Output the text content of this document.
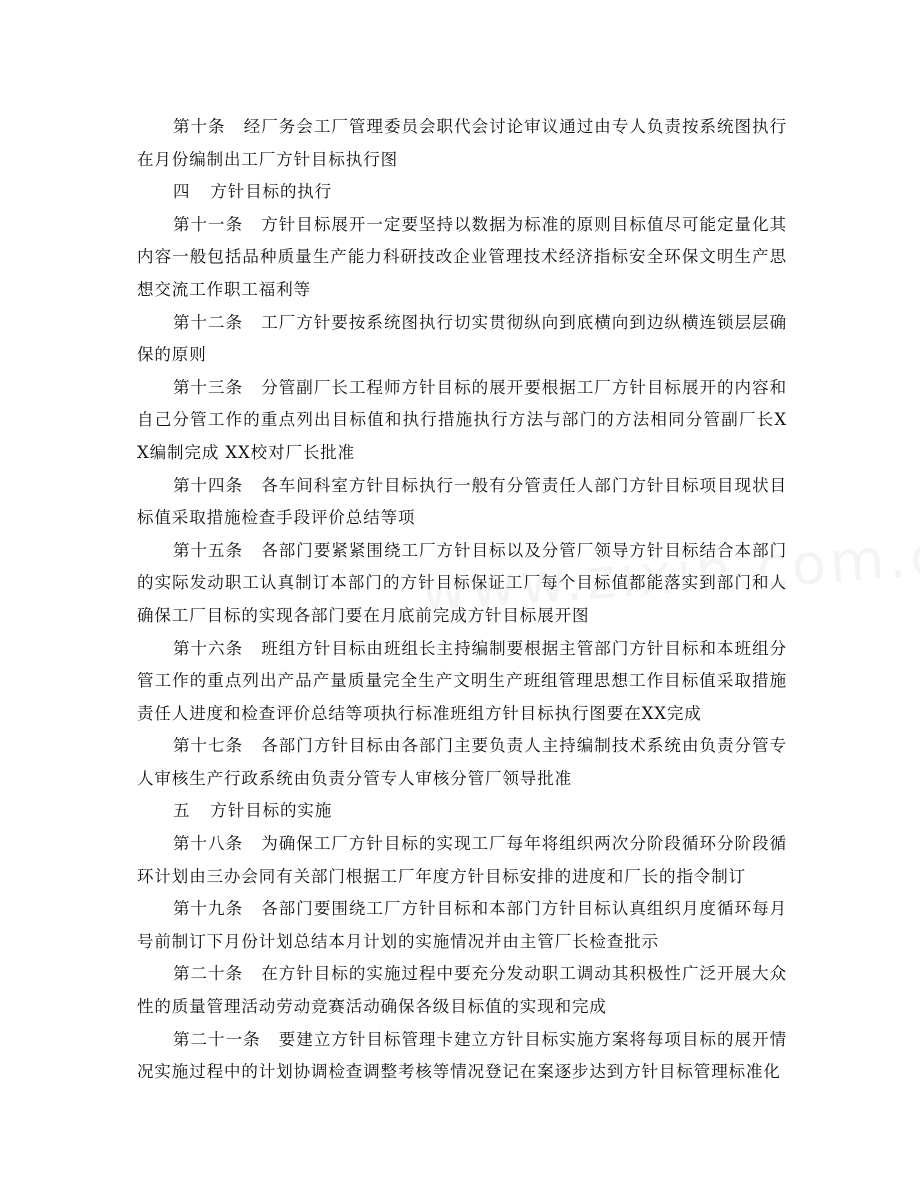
第十条 经厂务会工厂管理委员会职代会讨论审议通过由专人负责按系统图执行在月份编制出工厂方针目标执行图

四 方针目标的执行

第十一条 方针目标展开一定要坚持以数据为标准的原则目标值尽可能定量化其内容一般包括品种质量生产能力科研技改企业管理技术经济指标安全环保文明生产思想交流工作职工福利等

第十二条 工厂方针要按系统图执行切实贯彻纵向到底横向到边纵横连锁层层确保的原则

第十三条 分管副厂长工程师方针目标的展开要根据工厂方针目标展开的内容和自己分管工作的重点列出目标值和执行措施执行方法与部门的方法相同分管副厂长XX编制完成 XX校对厂长批准

第十四条 各车间科室方针目标执行一般有分管责任人部门方针目标项目现状目标值采取措施检查手段评价总结等项

第十五条 各部门要紧紧围绕工厂方针目标以及分管厂领导方针目标结合本部门的实际发动职工认真制订本部门的方针目标保证工厂每个目标值都能落实到部门和人确保工厂目标的实现各部门要在月底前完成方针目标展开图

第十六条 班组方针目标由班组长主持编制要根据主管部门方针目标和本班组分管工作的重点列出产品产量质量完全生产文明生产班组管理思想工作目标值采取措施责任人进度和检查评价总结等项执行标准班组方针目标执行图要在XX完成

第十七条 各部门方针目标由各部门主要负责人主持编制技术系统由负责分管专人审核生产行政系统由负责分管专人审核分管厂领导批准

五 方针目标的实施

第十八条 为确保工厂方针目标的实现工厂每年将组织两次分阶段循环分阶段循环计划由三办会同有关部门根据工厂年度方针目标安排的进度和厂长的指令制订

第十九条 各部门要围绕工厂方针目标和本部门方针目标认真组织月度循环每月号前制订下月份计划总结本月计划的实施情况并由主管厂长检查批示

第二十条 在方针目标的实施过程中要充分发动职工调动其积极性广泛开展大众性的质量管理活动劳动竞赛活动确保各级目标值的实现和完成

第二十一条 要建立方针目标管理卡建立方针目标实施方案将每项目标的展开情况实施过程中的计划协调检查调整考核等情况登记在案逐步达到方针目标管理标准化
